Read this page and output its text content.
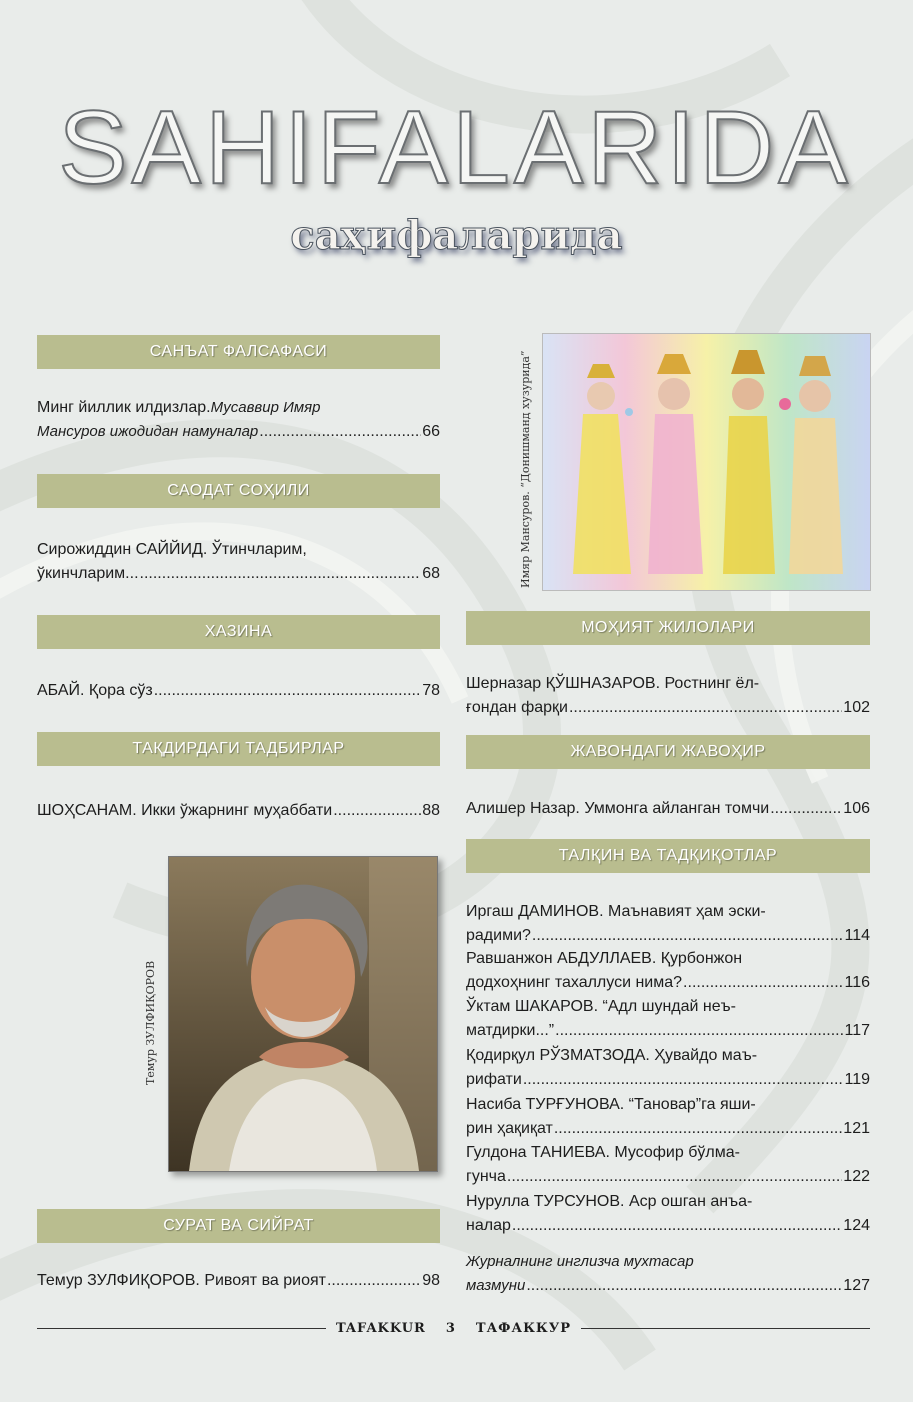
SAHIFALARIDA
саҳифаларида
САНЪАТ ФАЛСАФАСИ
Минг йиллик илдизлар. Мусаввир Имяр
Мансуров ижодидан намуналар .....	66
САОДАТ СОҲИЛИ
Сирожиддин САЙЙИД. Ўтинчларим,
ўкинчларим... .....	68
ХАЗИНА
АБАЙ. Қора сўз .....	78
ТАҚДИРДАГИ ТАДБИРЛАР
ШОҲСАНАМ. Икки ўжарнинг муҳаббати .....	88
Темур ЗУЛФИҚОРОВ
СУРАТ ВА СИЙРАТ
Темур ЗУЛФИҚОРОВ. Ривоят ва риоят .....	98
Имяр Мансуров. “Донишманд хузурида”
МОҲИЯТ ЖИЛОЛАРИ
Шерназар ҚЎШНАЗАРОВ. Ростнинг ёл-
ғондан фарқи .....	102
ЖАВОНДАГИ ЖАВОҲИР
Алишер Назар. Уммонга айланган томчи .....	106
ТАЛҚИН ВА ТАДҚИҚОТЛАР
Иргаш ДАМИНОВ. Маънавият ҳам эски-
радими? .....	114
Равшанжон АБДУЛЛАЕВ. Қурбонжон
додхоҳнинг тахаллуси нима? .....	116
Ўктам ШАКАРОВ. “Адл шундай неъ-
матдирки...” .....	117
Қодирқул РЎЗМАТЗОДА. Ҳувайдо маъ-
рифати .....	119
Насиба ТУРҒУНОВА. “Тановар”га яши-
рин ҳақиқат .....	121
Гулдона ТАНИЕВА. Мусофир бўлма-
гунча .....	122
Нурулла ТУРСУНОВ. Аср ошган анъа-
налар .....	124
Журналнинг инглизча мухтасар
мазмуни .....	127
TAFAKKUR	3	ТАФАККУР
